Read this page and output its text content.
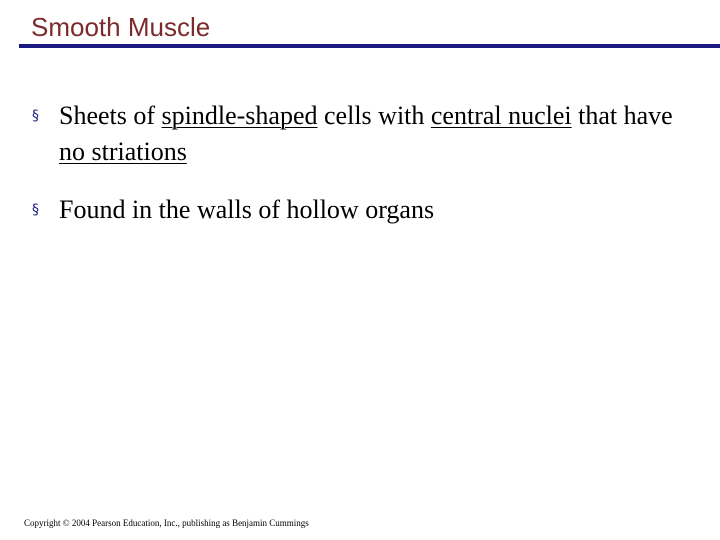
Smooth Muscle
§ Sheets of spindle-shaped cells with central nuclei that have no striations
§ Found in the walls of hollow organs
Copyright © 2004 Pearson Education, Inc., publishing as Benjamin Cummings
